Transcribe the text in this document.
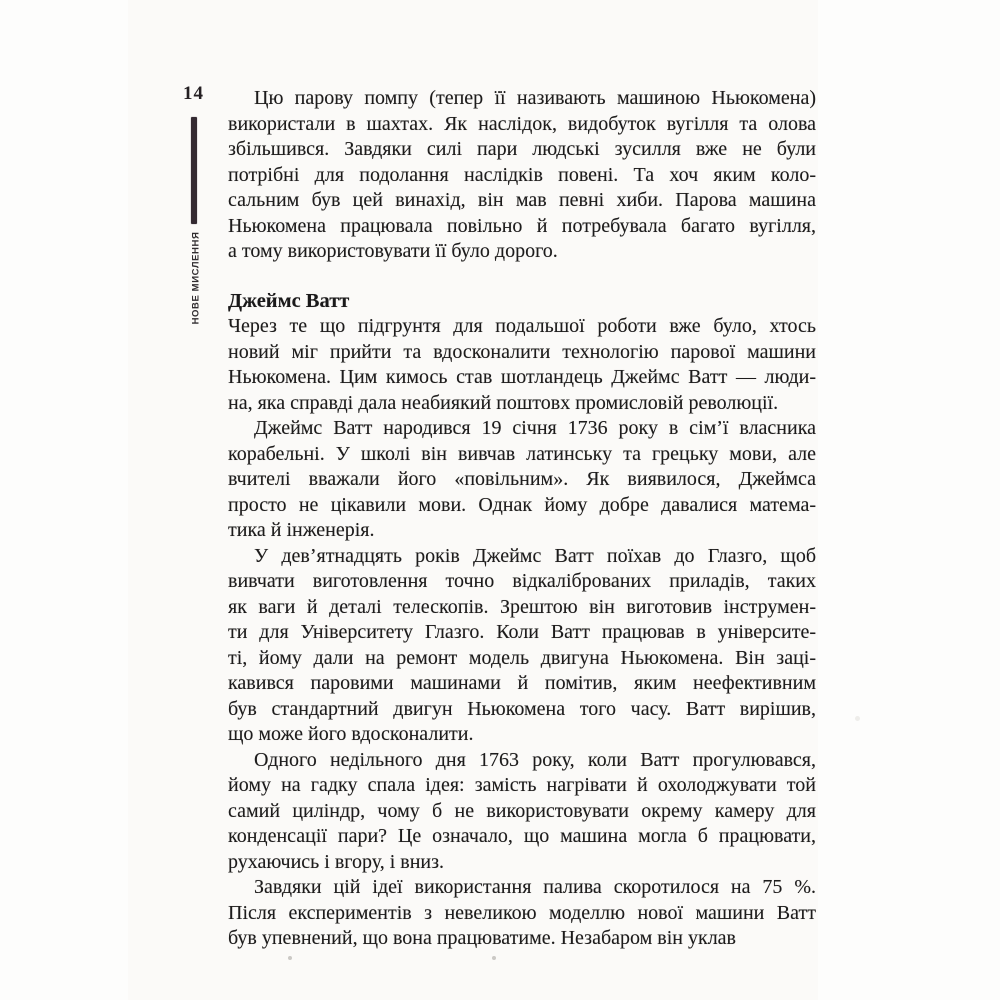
14
НОВЕ МИСЛЕННЯ
Цю парову помпу (тепер її називають машиною Ньюкомена)
використали в шахтах. Як наслідок, видобуток вугілля та олова
збільшився. Завдяки силі пари людські зусилля вже не були
потрібні для подолання наслідків повені. Та хоч яким коло-
сальним був цей винахід, він мав певні хиби. Парова машина
Ньюкомена працювала повільно й потребувала багато вугілля,
а тому використовувати її було дорого.
Джеймс Ватт
Через те що підгрунтя для подальшої роботи вже було, хтось
новий міг прийти та вдосконалити технологію парової машини
Ньюкомена. Цим кимось став шотландець Джеймс Ватт — люди-
на, яка справді дала неабиякий поштовх промисловій революції.
Джеймс Ватт народився 19 січня 1736 року в сім’ї власника
корабельні. У школі він вивчав латинську та грецьку мови, але
вчителі вважали його «повільним». Як виявилося, Джеймса
просто не цікавили мови. Однак йому добре давалися матема-
тика й інженерія.
У дев’ятнадцять років Джеймс Ватт поїхав до Глазго, щоб
вивчати виготовлення точно відкаліброваних приладів, таких
як ваги й деталі телескопів. Зрештою він виготовив інструмен-
ти для Університету Глазго. Коли Ватт працював в університе-
ті, йому дали на ремонт модель двигуна Ньюкомена. Він заці-
кавився паровими машинами й помітив, яким неефективним
був стандартний двигун Ньюкомена того часу. Ватт вирішив,
що може його вдосконалити.
Одного недільного дня 1763 року, коли Ватт прогулювався,
йому на гадку спала ідея: замість нагрівати й охолоджувати той
самий циліндр, чому б не використовувати окрему камеру для
конденсації пари? Це означало, що машина могла б працювати,
рухаючись і вгору, і вниз.
Завдяки цій ідеї використання палива скоротилося на 75 %.
Після експериментів з невеликою моделлю нової машини Ватт
був упевнений, що вона працюватиме. Незабаром він уклав
